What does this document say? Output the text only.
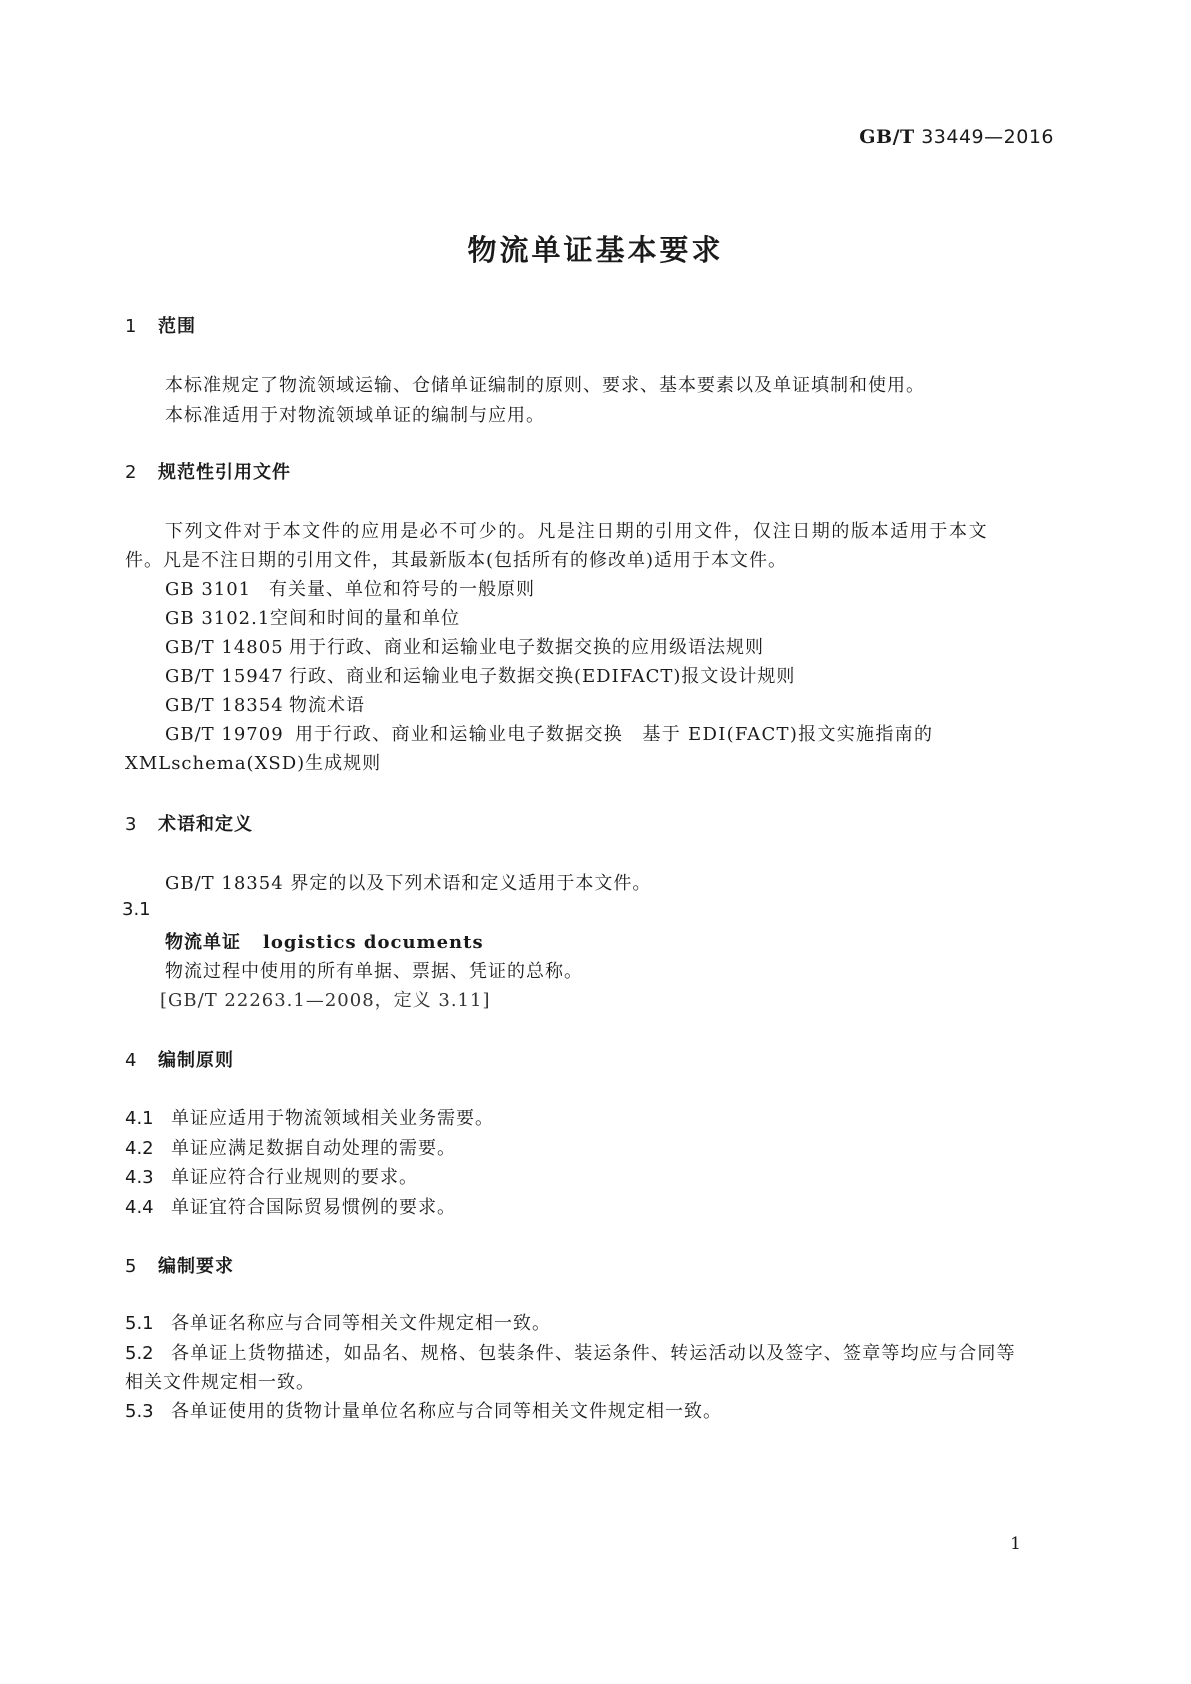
GB/T 33449—2016
物流单证基本要求
1 范围
本标准规定了物流领域运输、仓储单证编制的原则、要求、基本要素以及单证填制和使用。
本标准适用于对物流领域单证的编制与应用。
2 规范性引用文件
下列文件对于本文件的应用是必不可少的。凡是注日期的引用文件，仅注日期的版本适用于本文
件。凡是不注日期的引用文件，其最新版本(包括所有的修改单)适用于本文件。
GB 3101 有关量、单位和符号的一般原则
GB 3102.1空间和时间的量和单位
GB/T 14805 用于行政、商业和运输业电子数据交换的应用级语法规则
GB/T 15947 行政、商业和运输业电子数据交换(EDIFACT)报文设计规则
GB/T 18354 物流术语
GB/T 19709 用于行政、商业和运输业电子数据交换　基于 EDI(FACT)报文实施指南的
XMLschema(XSD)生成规则
3 术语和定义
GB/T 18354 界定的以及下列术语和定义适用于本文件。
3.1
物流单证 logistics documents
物流过程中使用的所有单据、票据、凭证的总称。
[GB/T 22263.1—2008，定义 3.11]
4 编制原则
4.1 单证应适用于物流领域相关业务需要。
4.2 单证应满足数据自动处理的需要。
4.3 单证应符合行业规则的要求。
4.4 单证宜符合国际贸易惯例的要求。
5 编制要求
5.1 各单证名称应与合同等相关文件规定相一致。
5.2 各单证上货物描述，如品名、规格、包装条件、装运条件、转运活动以及签字、签章等均应与合同等
相关文件规定相一致。
5.3 各单证使用的货物计量单位名称应与合同等相关文件规定相一致。
1
